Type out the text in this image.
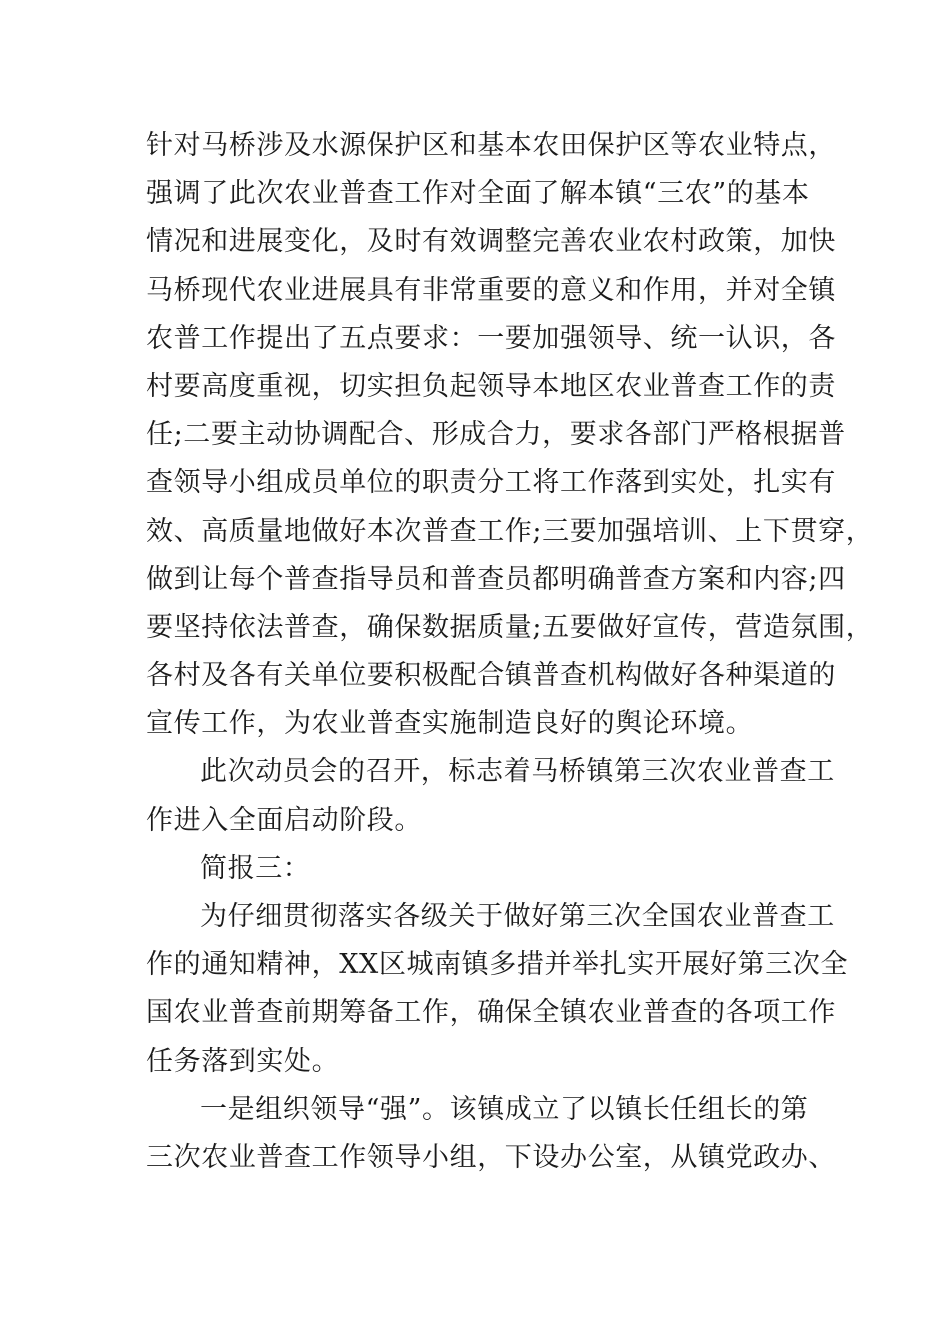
针对马桥涉及水源保护区和基本农田保护区等农业特点，
强调了此次农业普查工作对全面了解本镇“三农”的基本
情况和进展变化，及时有效调整完善农业农村政策，加快
马桥现代农业进展具有非常重要的意义和作用，并对全镇
农普工作提出了五点要求：一要加强领导、统一认识，各
村要高度重视，切实担负起领导本地区农业普查工作的责
任;二要主动协调配合、形成合力，要求各部门严格根据普
查领导小组成员单位的职责分工将工作落到实处，扎实有
效、高质量地做好本次普查工作;三要加强培训、上下贯穿，
做到让每个普查指导员和普查员都明确普查方案和内容;四
要坚持依法普查，确保数据质量;五要做好宣传，营造氛围，
各村及各有关单位要积极配合镇普查机构做好各种渠道的
宣传工作，为农业普查实施制造良好的舆论环境。
此次动员会的召开，标志着马桥镇第三次农业普查工
作进入全面启动阶段。
简报三：
为仔细贯彻落实各级关于做好第三次全国农业普查工
作的通知精神，XX区城南镇多措并举扎实开展好第三次全
国农业普查前期筹备工作，确保全镇农业普查的各项工作
任务落到实处。
一是组织领导“强”。该镇成立了以镇长任组长的第
三次农业普查工作领导小组，下设办公室，从镇党政办、
